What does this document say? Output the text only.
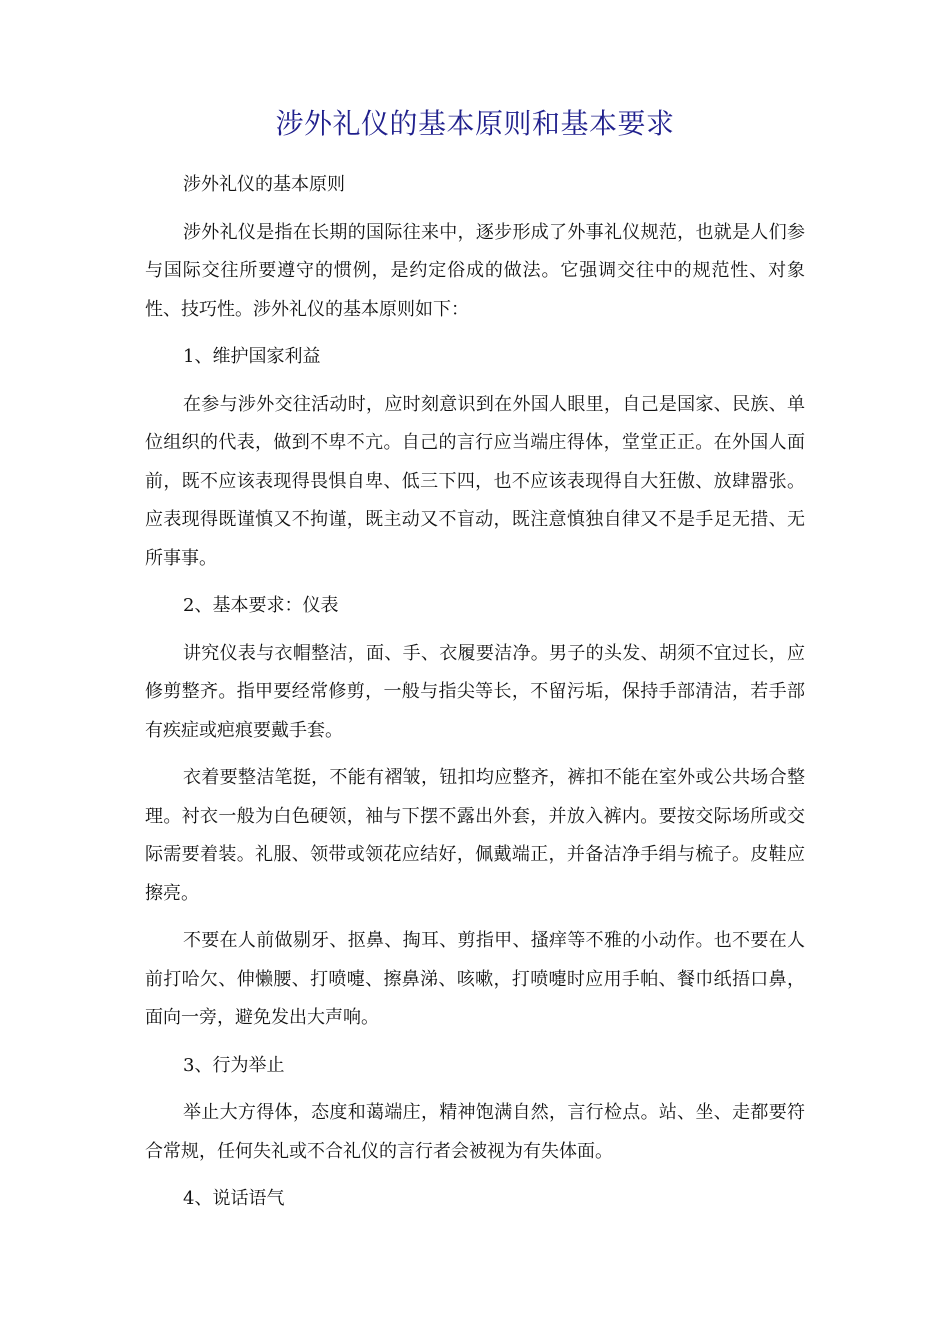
涉外礼仪的基本原则和基本要求

涉外礼仪的基本原则

涉外礼仪是指在长期的国际往来中，逐步形成了外事礼仪规范，也就是人们参与国际交往所要遵守的惯例，是约定俗成的做法。它强调交往中的规范性、对象性、技巧性。涉外礼仪的基本原则如下：

1、维护国家利益

在参与涉外交往活动时，应时刻意识到在外国人眼里，自己是国家、民族、单位组织的代表，做到不卑不亢。自己的言行应当端庄得体，堂堂正正。在外国人面前，既不应该表现得畏惧自卑、低三下四，也不应该表现得自大狂傲、放肆嚣张。应表现得既谨慎又不拘谨，既主动又不盲动，既注意慎独自律又不是手足无措、无所事事。

2、基本要求：仪表

讲究仪表与衣帽整洁，面、手、衣履要洁净。男子的头发、胡须不宜过长，应修剪整齐。指甲要经常修剪，一般与指尖等长，不留污垢，保持手部清洁，若手部有疾症或疤痕要戴手套。

衣着要整洁笔挺，不能有褶皱，钮扣均应整齐，裤扣不能在室外或公共场合整理。衬衣一般为白色硬领，袖与下摆不露出外套，并放入裤内。要按交际场所或交际需要着装。礼服、领带或领花应结好，佩戴端正，并备洁净手绢与梳子。皮鞋应擦亮。

不要在人前做剔牙、抠鼻、掏耳、剪指甲、搔痒等不雅的小动作。也不要在人前打哈欠、伸懒腰、打喷嚏、擦鼻涕、咳嗽，打喷嚏时应用手帕、餐巾纸捂口鼻，面向一旁，避免发出大声响。

3、行为举止

举止大方得体，态度和蔼端庄，精神饱满自然，言行检点。站、坐、走都要符合常规，任何失礼或不合礼仪的言行者会被视为有失体面。

4、说话语气
